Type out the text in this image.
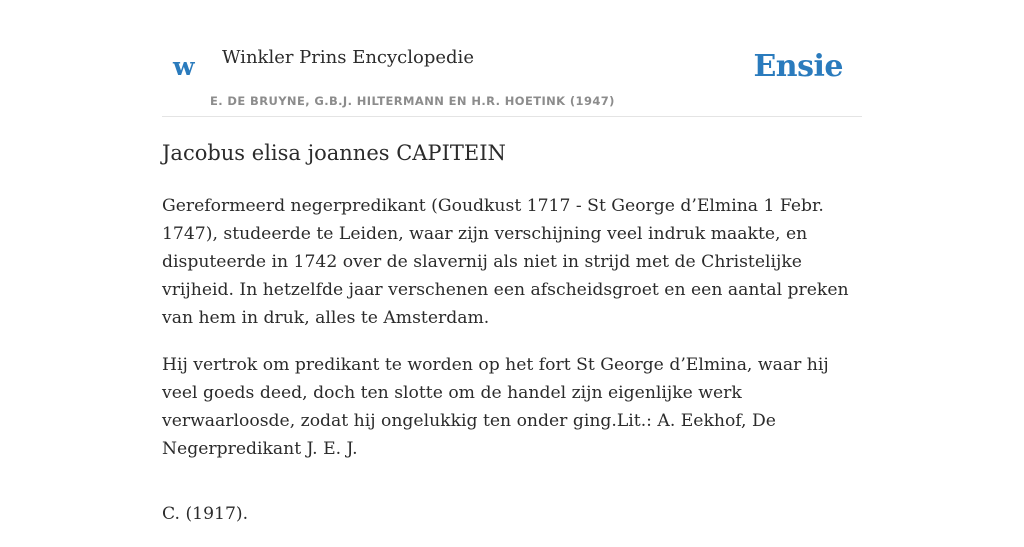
w Winkler Prins Encyclopedie
E. DE BRUYNE, G.B.J. HILTERMANN EN H.R. HOETINK (1947)
Ensie
Jacobus elisa joannes CAPITEIN

Gereformeerd negerpredikant (Goudkust 1717 - St George d’Elmina 1 Febr. 1747), studeerde te Leiden, waar zijn verschijning veel indruk maakte, en disputeerde in 1742 over de slavernij als niet in strijd met de Christelijke vrijheid. In hetzelfde jaar verschenen een afscheidsgroet en een aantal preken van hem in druk, alles te Amsterdam.

Hij vertrok om predikant te worden op het fort St George d’Elmina, waar hij veel goeds deed, doch ten slotte om de handel zijn eigenlijke werk verwaarloosde, zodat hij ongelukkig ten onder ging.Lit.: A. Eekhof, De Negerpredikant J. E. J.

C. (1917).
